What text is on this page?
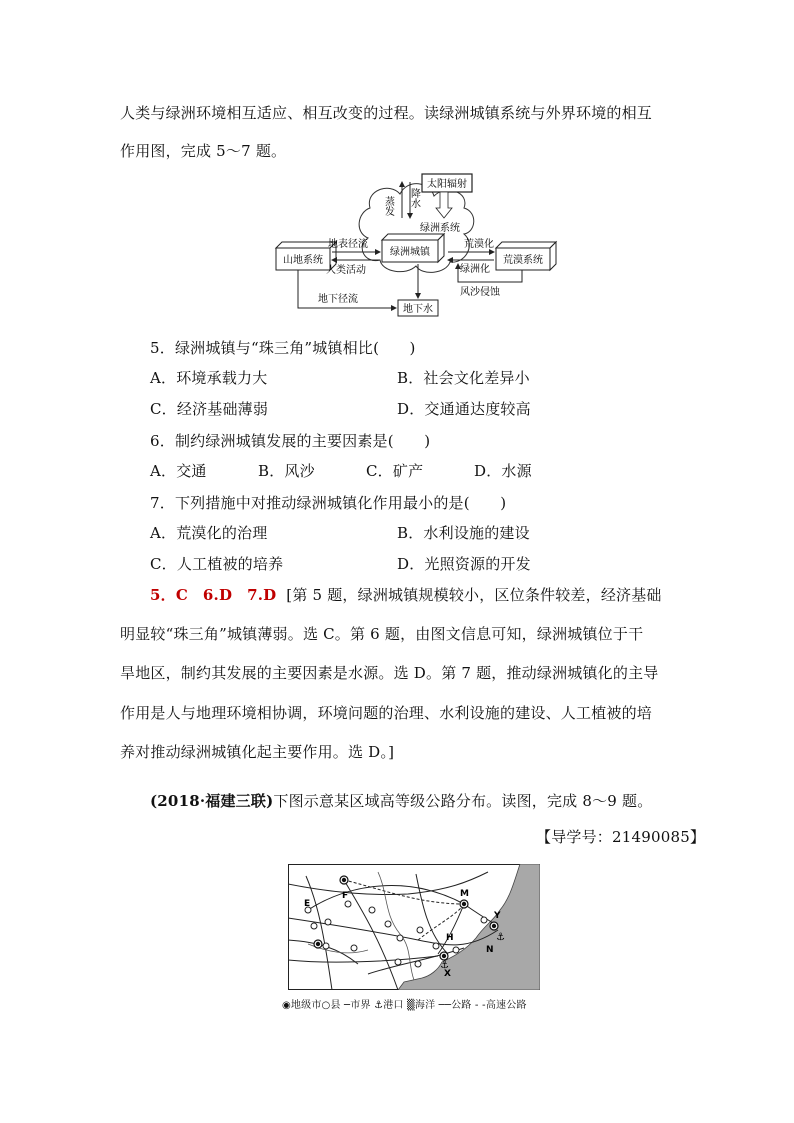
人类与绿洲环境相互适应、相互改变的过程。读绿洲城镇系统与外界环境的相互
作用图，完成 5～7 题。
太阳辐射
蒸发 降水
绿洲系统
绿洲城镇
山地系统	荒漠系统
地表径流
人类活动
荒漠化
绿洲化
风沙侵蚀
地下水
地下径流
5．绿洲城镇与“珠三角”城镇相比(　　)
A．环境承载力大	B．社会文化差异小
C．经济基础薄弱	D．交通通达度较高
6．制约绿洲城镇发展的主要因素是(　　)
A．交通	B．风沙	C．矿产	D．水源
7．下列措施中对推动绿洲城镇化作用最小的是(　　)
A．荒漠化的治理	B．水利设施的建设
C．人工植被的培养	D．光照资源的开发
5．C 6.D 7.D [第 5 题，绿洲城镇规模较小，区位条件较差，经济基础
明显较“珠三角”城镇薄弱。选 C。第 6 题，由图文信息可知，绿洲城镇位于干
旱地区，制约其发展的主要因素是水源。选 D。第 7 题，推动绿洲城镇化的主导
作用是人与地理环境相协调，环境问题的治理、水利设施的建设、人工植被的培
养对推动绿洲城镇化起主要作用。选 D。]
(2018·福建三联)下图示意某区域高等级公路分布。读图，完成 8～9 题。
【导学号：21490085】
⚓
⚓
E
F	M
Y
H
N
X
◉地级市○县 ─市界 ⚓港口 ▒海洋 ──公路 - -高速公路
